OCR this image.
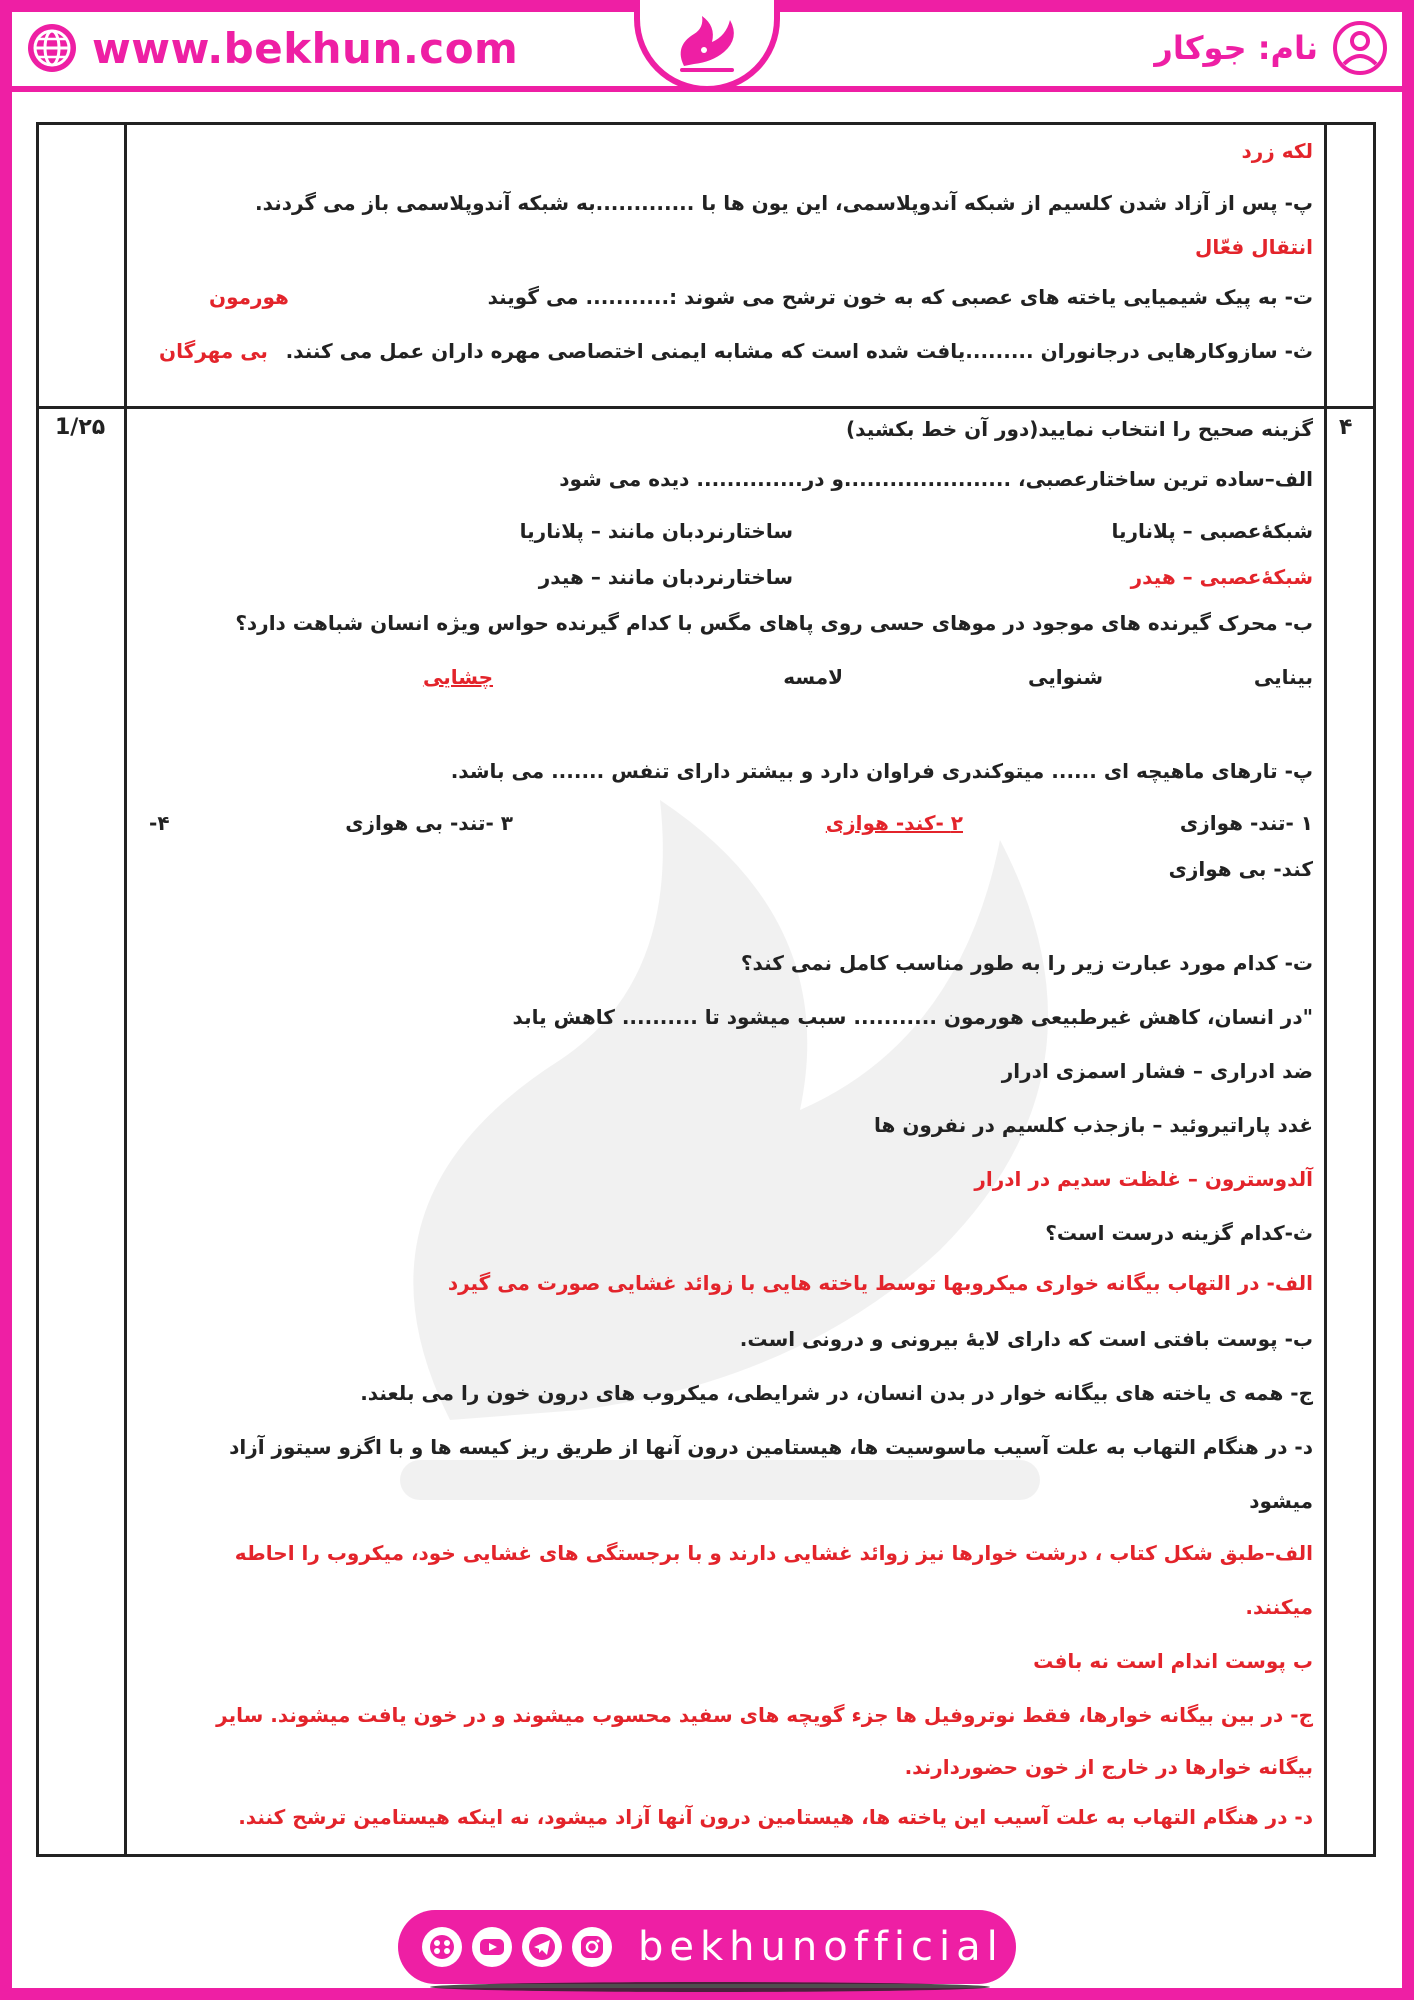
www.bekhun.com	نام: جوکار
لکه زرد
پ- پس از آزاد شدن کلسیم از شبکه آندوپلاسمی، این یون ها با .............به شبکه آندوپلاسمی باز می گردند.
انتقال فعّال
ت- به پیک شیمیایی یاخته های عصبی که به خون ترشح می شوند :........... می گویند
هورمون
ث- سازوکارهایی درجانوران .........یافت شده است که مشابه ایمنی اختصاصی مهره داران عمل می کنند.
بی مهرگان
۴
1/۲۵	گزینه صحیح را انتخاب نمایید(دور آن خط بکشید)
الف–ساده ترین ساختارعصبی، ......................و در.............. دیده می شود
شبکۀعصبی – پلاناریا
ساختارنردبان مانند – پلاناریا
شبکۀعصبی – هیدر
ساختارنردبان مانند – هیدر
ب- محرک گیرنده های موجود در موهای حسی روی پاهای مگس با کدام گیرنده حواس ویژه انسان شباهت دارد؟
بینایی
شنوایی
لامسه
چشایی
پ- تارهای ماهیچه ای ...... میتوکندری فراوان دارد و بیشتر دارای تنفس ....... می باشد.
۱ -تند- هوازی
۲ -کند- هوازی
۳ -تند- بی هوازی
۴-
کند- بی هوازی
ت- کدام مورد عبارت زیر را به طور مناسب کامل نمی کند؟
"در انسان، کاهش غیرطبیعی هورمون ........... سبب میشود تا .......... کاهش یابد
ضد ادراری – فشار اسمزی ادرار
غدد پاراتیروئید – بازجذب کلسیم در نفرون ها
آلدوسترون – غلظت سدیم در ادرار
ث-کدام گزینه درست است؟
الف- در التهاب بیگانه خواری میکروبها توسط یاخته هایی با زوائد غشایی صورت می گیرد
ب- پوست بافتی است که دارای لایۀ بیرونی و درونی است.
ج- همه ی یاخته های بیگانه خوار در بدن انسان، در شرایطی، میکروب های درون خون را می بلعند.
د- در هنگام التهاب به علت آسیب ماسوسیت ها، هیستامین درون آنها از طریق ریز کیسه ها و با اگزو سیتوز آزاد
میشود
الف–طبق شکل کتاب ، درشت خوارها نیز زوائد غشایی دارند و با برجستگی های غشایی خود، میکروب را احاطه
میکنند.
ب پوست اندام است نه بافت
ج- در بین بیگانه خوارها، فقط نوتروفیل ها جزء گویچه های سفید محسوب میشوند و در خون یافت میشوند. سایر
بیگانه خوارها در خارج از خون حضوردارند.
د- در هنگام التهاب به علت آسیب این یاخته ها، هیستامین درون آنها آزاد میشود، نه اینکه هیستامین ترشح کنند.
bekhunofficial
